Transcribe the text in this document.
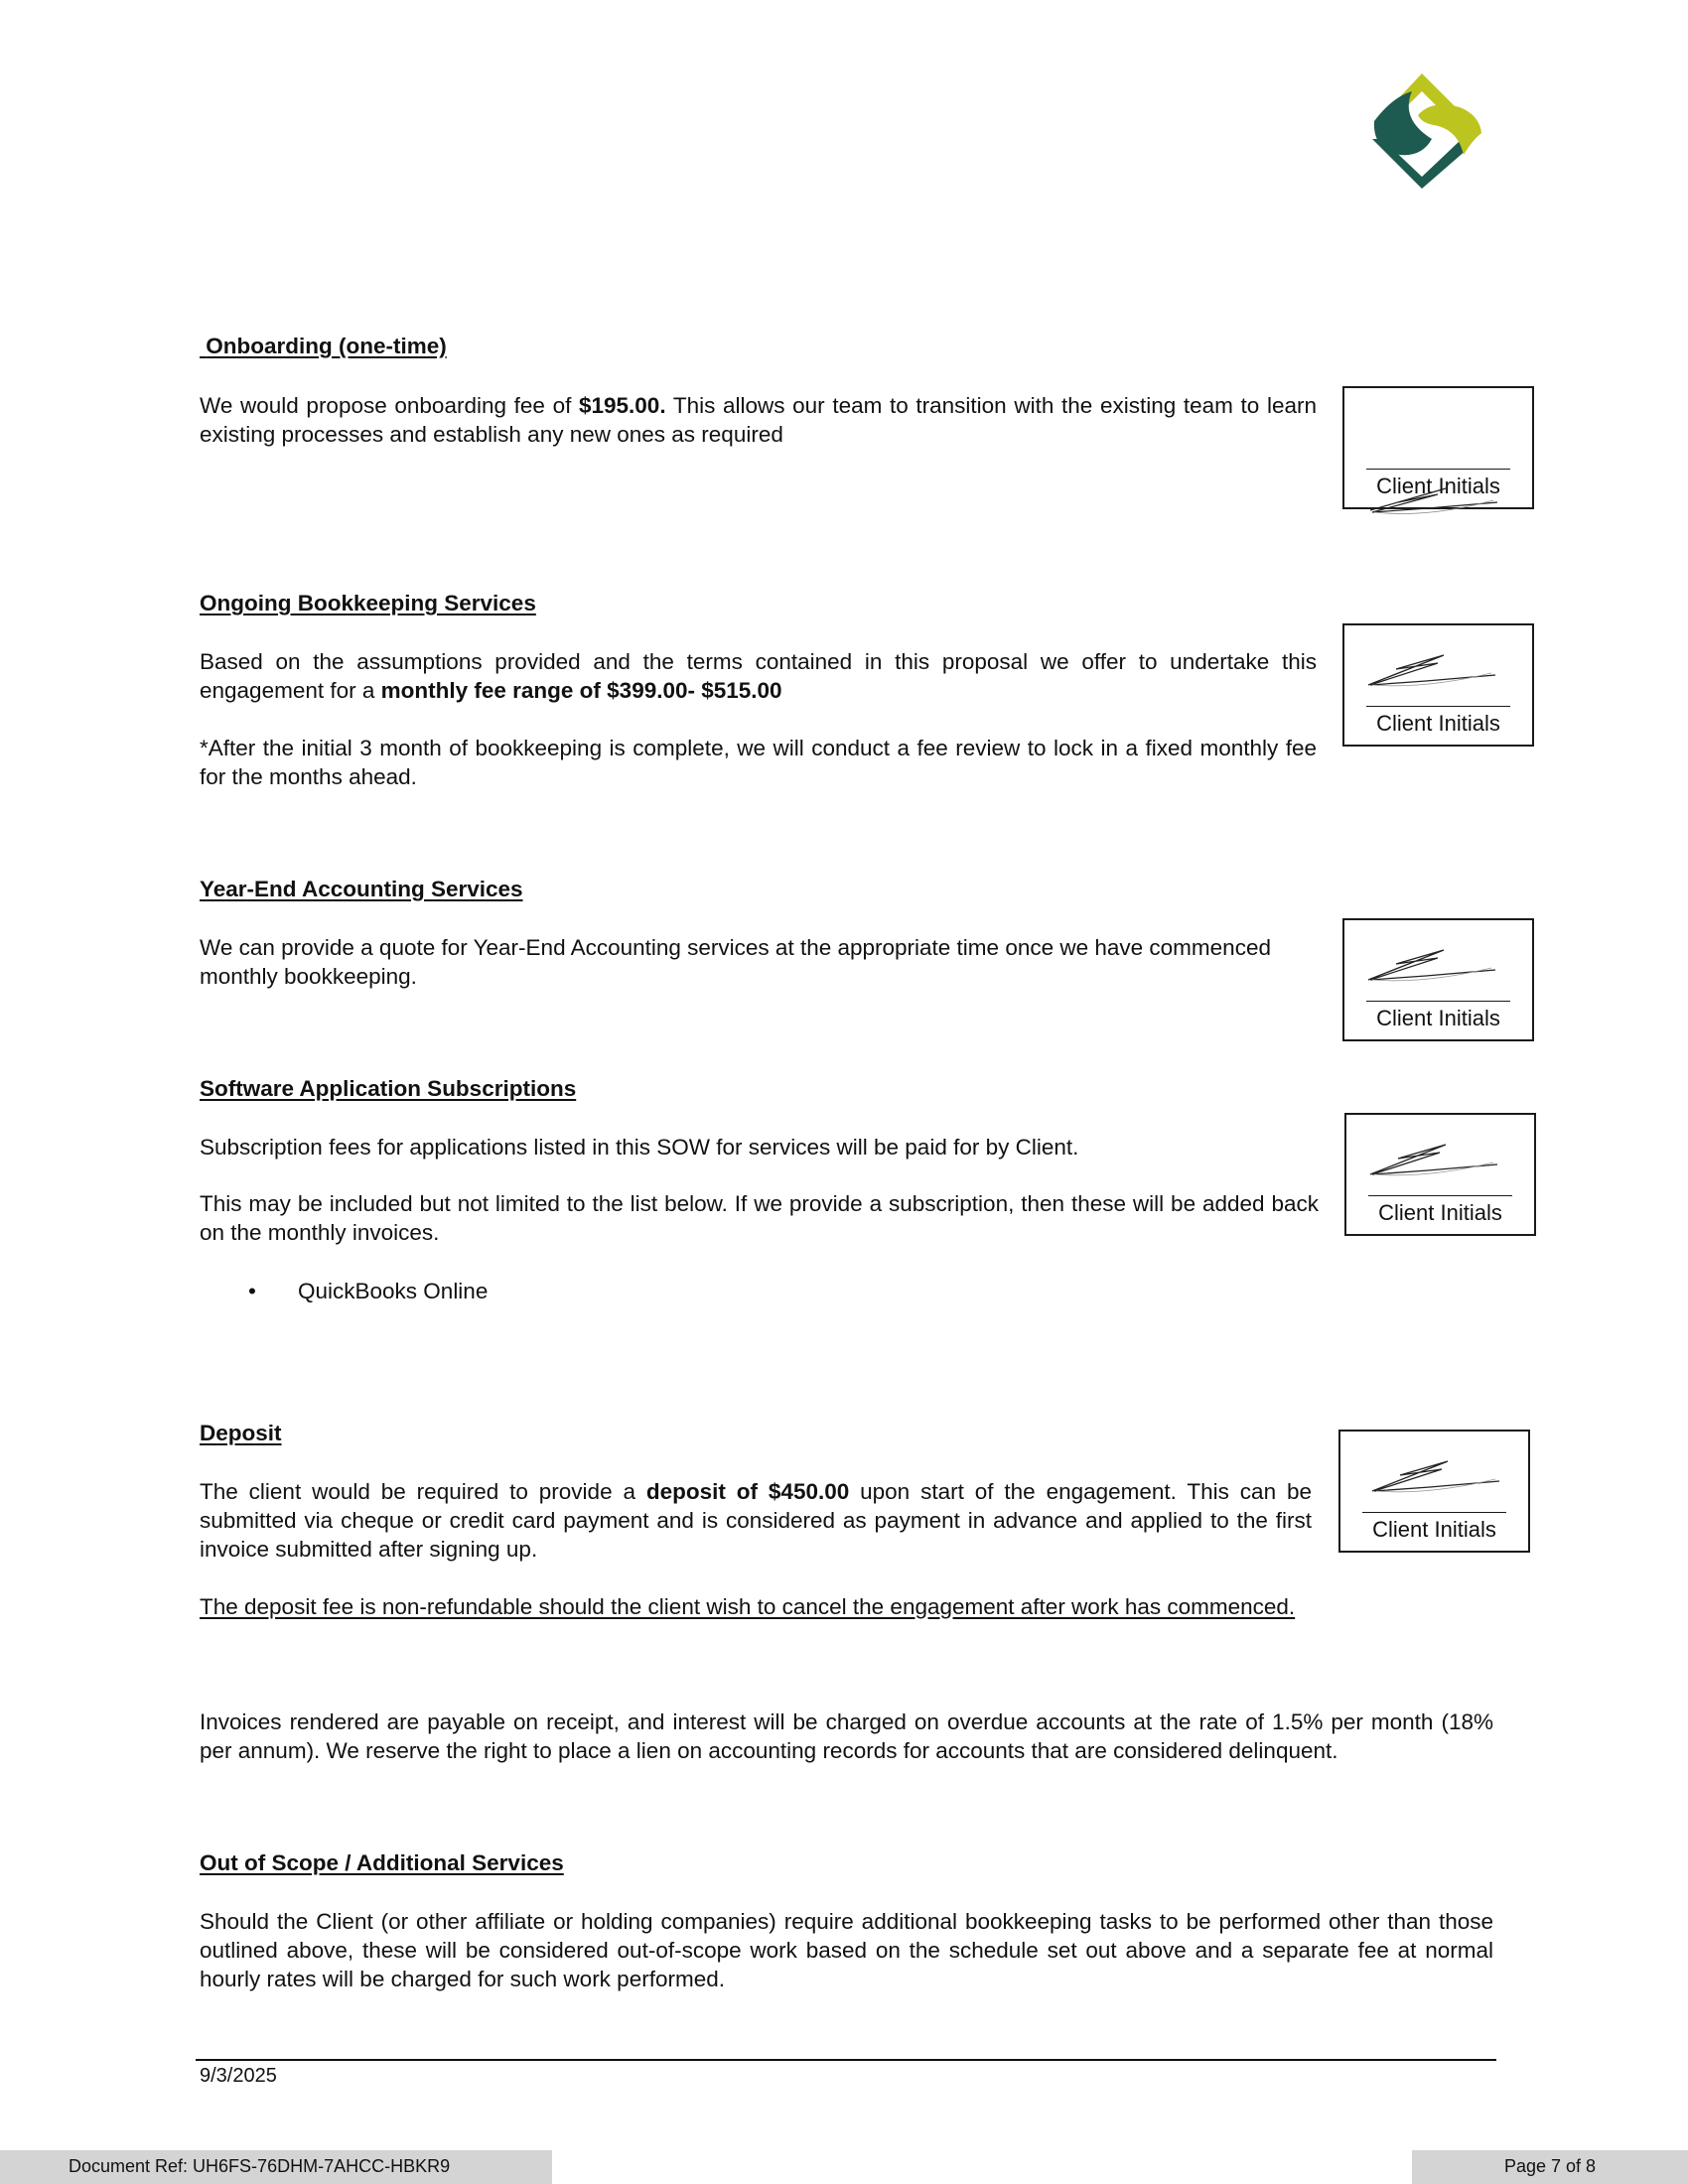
Onboarding (one-time)
We would propose onboarding fee of $195.00. This allows our team to transition with the existing team to learn existing processes and establish any new ones as required
Ongoing Bookkeeping Services
Based on the assumptions provided and the terms contained in this proposal we offer to undertake this engagement for a monthly fee range of $399.00- $515.00
*After the initial 3 month of bookkeeping is complete, we will conduct a fee review to lock in a fixed monthly fee for the months ahead.
Year-End Accounting Services
We can provide a quote for Year-End Accounting services at the appropriate time once we have commenced monthly bookkeeping.
Software Application Subscriptions
Subscription fees for applications listed in this SOW for services will be paid for by Client.
This may be included but not limited to the list below. If we provide a subscription, then these will be added back on the monthly invoices.
• QuickBooks Online
Deposit
The client would be required to provide a deposit of $450.00 upon start of the engagement. This can be submitted via cheque or credit card payment and is considered as payment in advance and applied to the first invoice submitted after signing up.
The deposit fee is non-refundable should the client wish to cancel the engagement after work has commenced.
Invoices rendered are payable on receipt, and interest will be charged on overdue accounts at the rate of 1.5% per month (18% per annum). We reserve the right to place a lien on accounting records for accounts that are considered delinquent.
Out of Scope / Additional Services
Should the Client (or other affiliate or holding companies) require additional bookkeeping tasks to be performed other than those outlined above, these will be considered out-of-scope work based on the schedule set out above and a separate fee at normal hourly rates will be charged for such work performed.
Client Initials
Client Initials
Client Initials
Client Initials
Client Initials
9/3/2025
Document Ref: UH6FS-76DHM-7AHCC-HBKR9	Page 7 of 8
